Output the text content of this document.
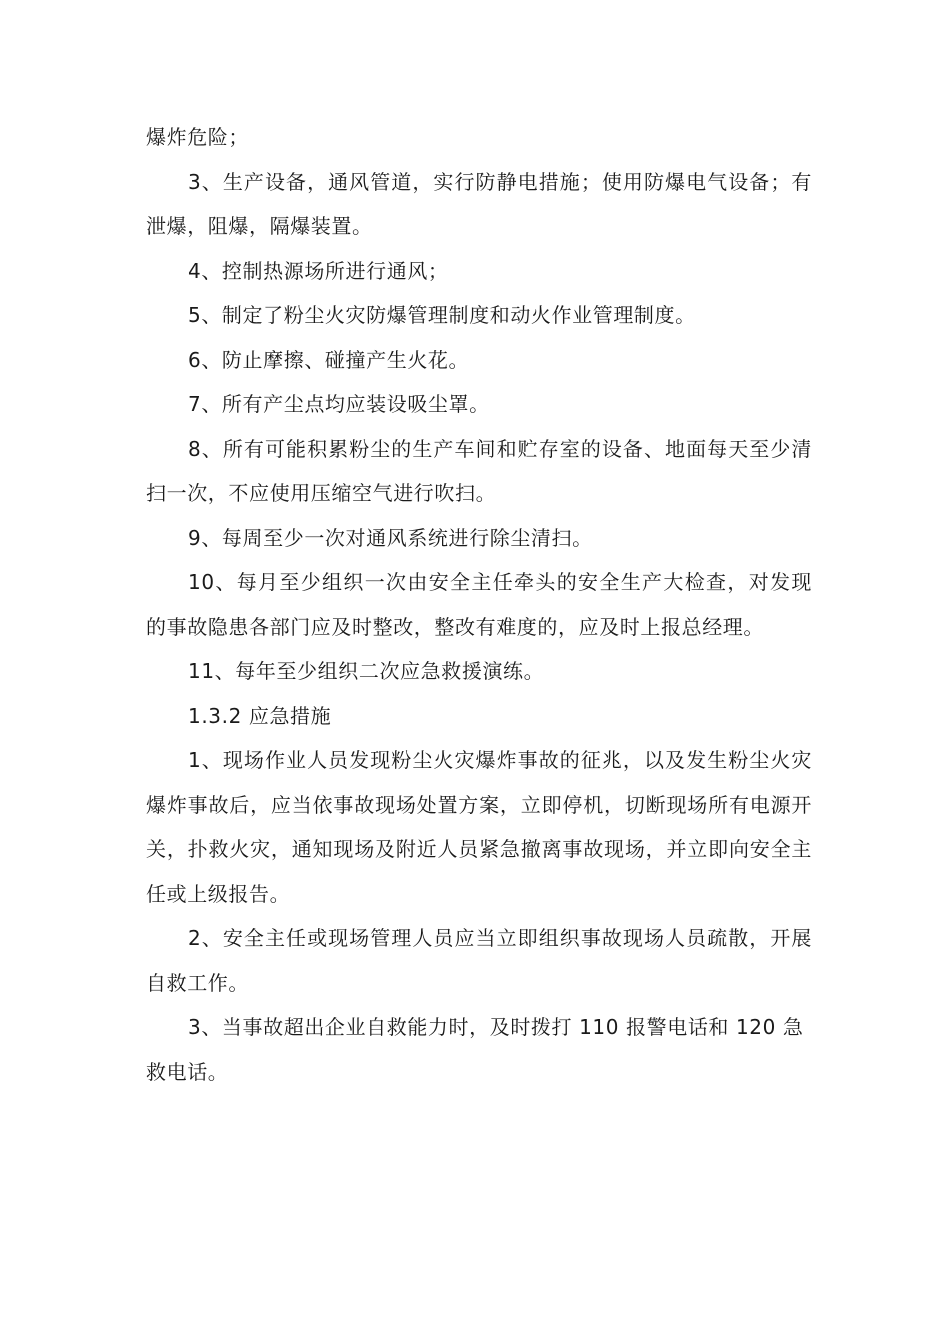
爆炸危险；

3、生产设备，通风管道，实行防静电措施；使用防爆电气设备；有泄爆，阻爆，隔爆装置。

4、控制热源场所进行通风；

5、制定了粉尘火灾防爆管理制度和动火作业管理制度。

6、防止摩擦、碰撞产生火花。

7、所有产尘点均应装设吸尘罩。

8、所有可能积累粉尘的生产车间和贮存室的设备、地面每天至少清扫一次，不应使用压缩空气进行吹扫。

9、每周至少一次对通风系统进行除尘清扫。

10、每月至少组织一次由安全主任牵头的安全生产大检查，对发现的事故隐患各部门应及时整改，整改有难度的，应及时上报总经理。

11、每年至少组织二次应急救援演练。

1.3.2 应急措施

1、现场作业人员发现粉尘火灾爆炸事故的征兆，以及发生粉尘火灾爆炸事故后，应当依事故现场处置方案，立即停机，切断现场所有电源开关，扑救火灾，通知现场及附近人员紧急撤离事故现场，并立即向安全主任或上级报告。

2、安全主任或现场管理人员应当立即组织事故现场人员疏散，开展自救工作。

3、当事故超出企业自救能力时，及时拨打 110 报警电话和 120 急救电话。
